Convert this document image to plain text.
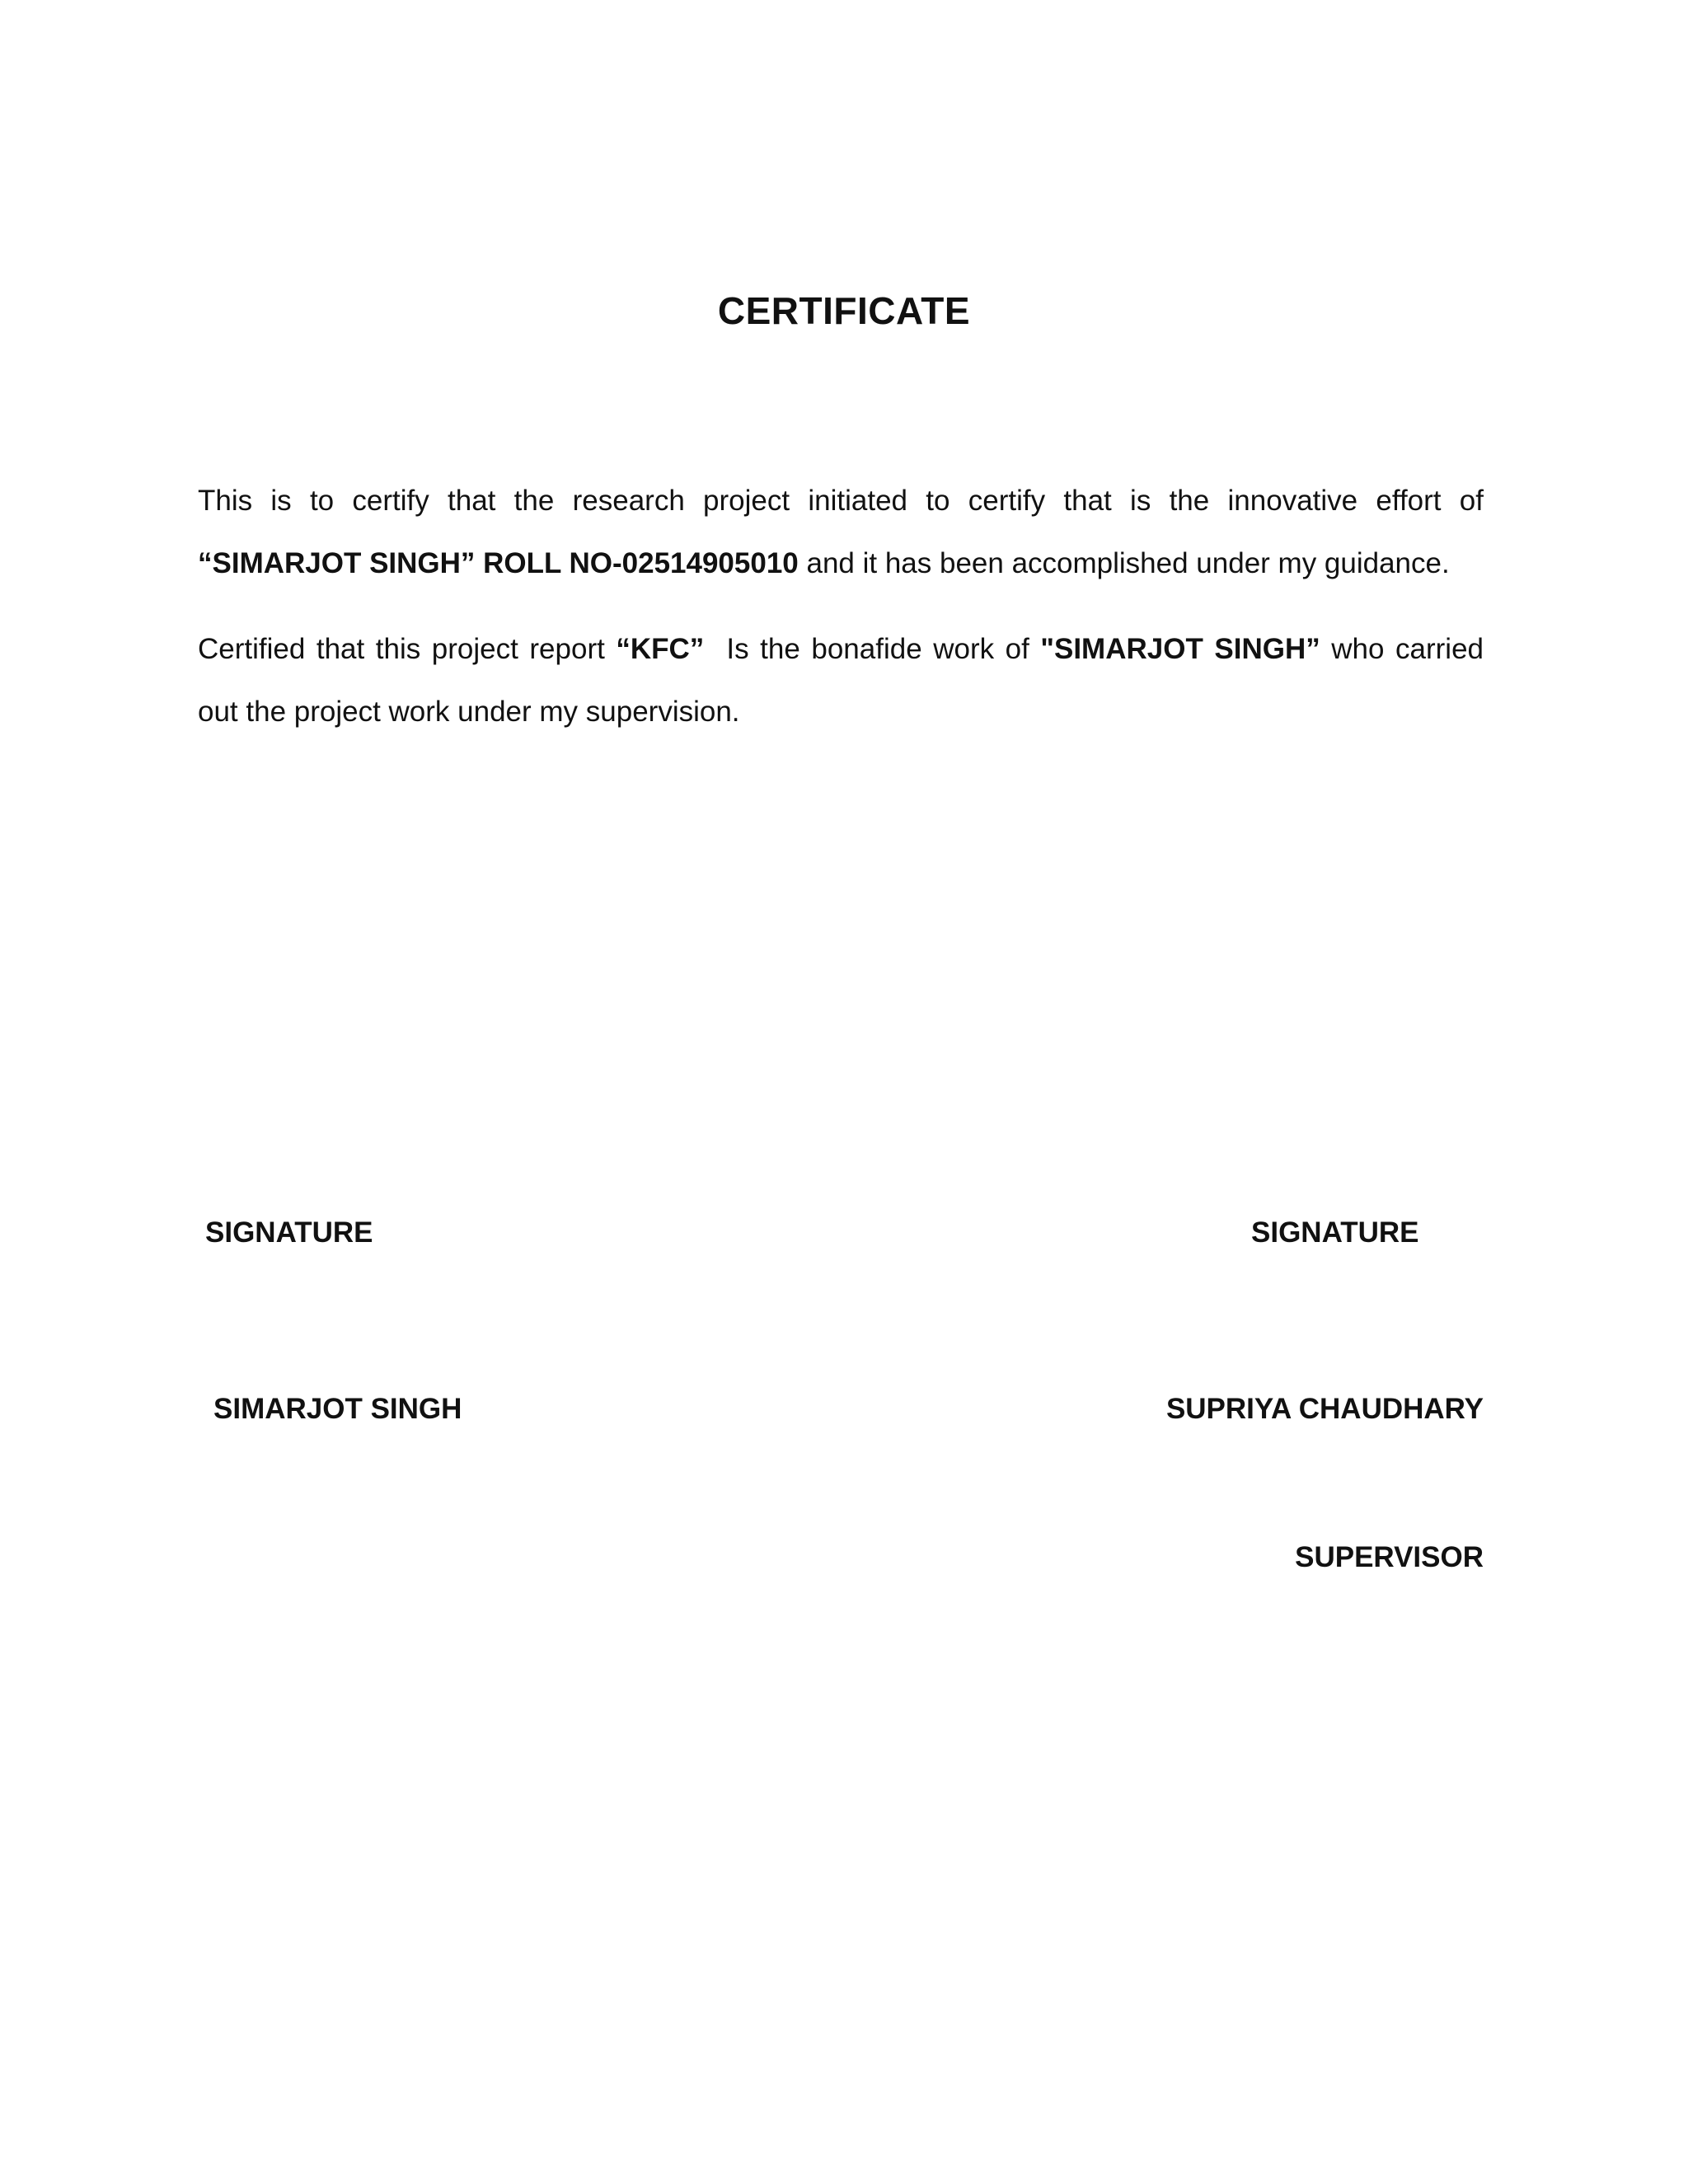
CERTIFICATE

This is to certify that the research project initiated to certify that is the innovative effort of “SIMARJOT SINGH” ROLL NO-02514905010 and it has been accomplished under my guidance.

Certified that this project report “KFC”  Is the bonafide work of "SIMARJOT SINGH” who carried out the project work under my supervision.

SIGNATURE	SIGNATURE
SIMARJOT SINGH	SUPRIYA CHAUDHARY
SUPERVISOR
